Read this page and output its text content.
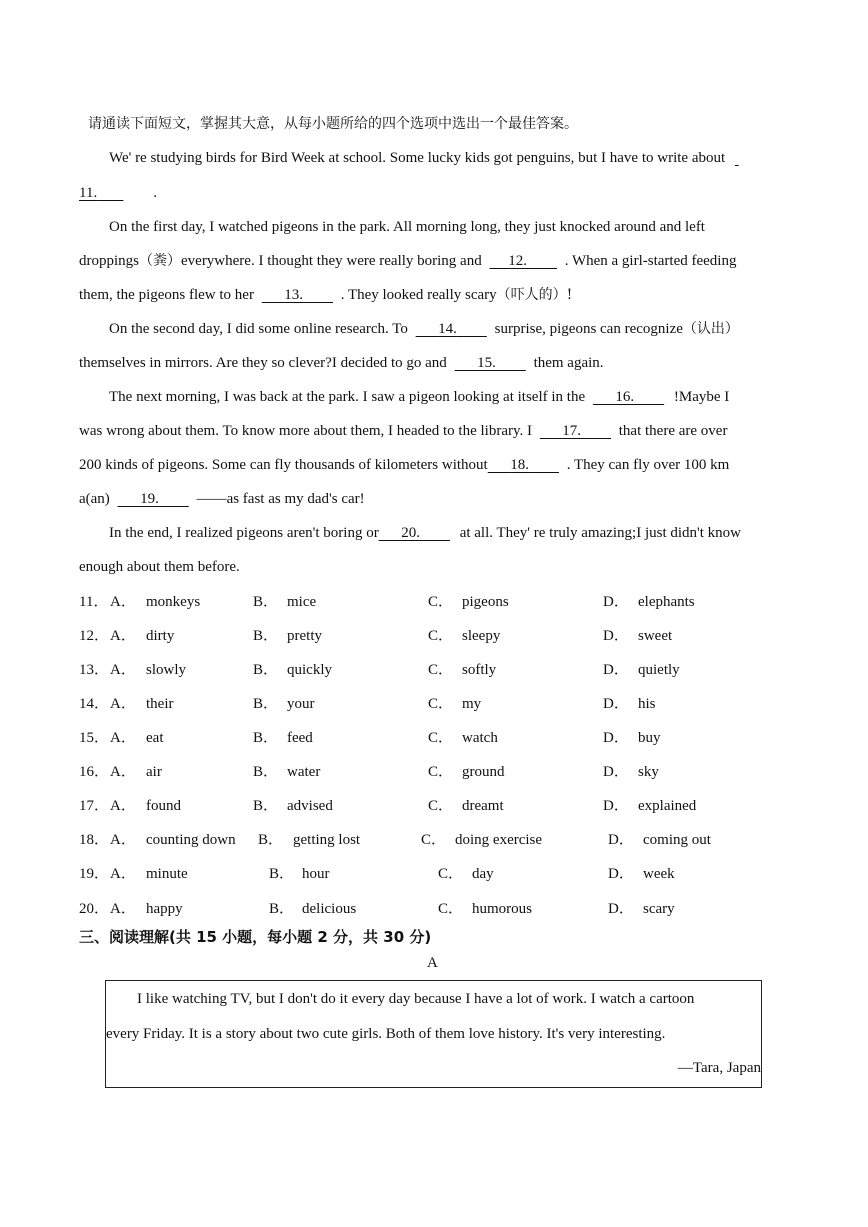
请通读下面短文，掌握其大意，从每小题所给的四个选项中选出一个最佳答案。
We' re studying birds for Bird Week at school. Some lucky kids got penguins, but I have to write about
11.	.
On the first day, I watched pigeons in the park. All morning long, they just knocked around and left
droppings（粪）everywhere. I thought they were really boring and 12.	. When a girl-started feeding
them, the pigeons flew to her 13.	. They looked really scary（吓人的）!
On the second day, I did some online research. To 14.	surprise, pigeons can recognize（认出）
themselves in mirrors. Are they so clever?I decided to go and 15.	them again.
The next morning, I was back at the park. I saw a pigeon looking at itself in the 16.	!Maybe I
was wrong about them. To know more about them, I headed to the library. I 17.	that there are over
200 kinds of pigeons. Some can fly thousands of kilometers without 18.	. They can fly over 100 km
a(an) 19.	——as fast as my dad's car!
In the end, I realized pigeons aren't boring or 20.	at all. They' re truly amazing;I just didn't know
enough about them before.
11． A． monkeys	B． mice	C． pigeons	D． elephants
12． A． dirty	B． pretty	C． sleepy	D． sweet
13． A． slowly	B． quickly	C． softly	D． quietly
14． A． their	B． your	C． my	D． his
15． A． eat	B． feed	C． watch	D． buy
16． A． air	B． water	C． ground	D． sky
17． A． found	B． advised	C． dreamt	D． explained
18． A． counting down B． getting lost	C． doing exercise	D． coming out
19． A． minute	B． hour	C． day	D． week
20． A． happy	B． delicious	C． humorous	D． scary
三、阅读理解(共 15 小题，每小题 2 分，共 30 分)
A
I like watching TV, but I don't do it every day because I have a lot of work. I watch a cartoon
every Friday. It is a story about two cute girls. Both of them love history. It's very interesting.
—Tara, Japan
